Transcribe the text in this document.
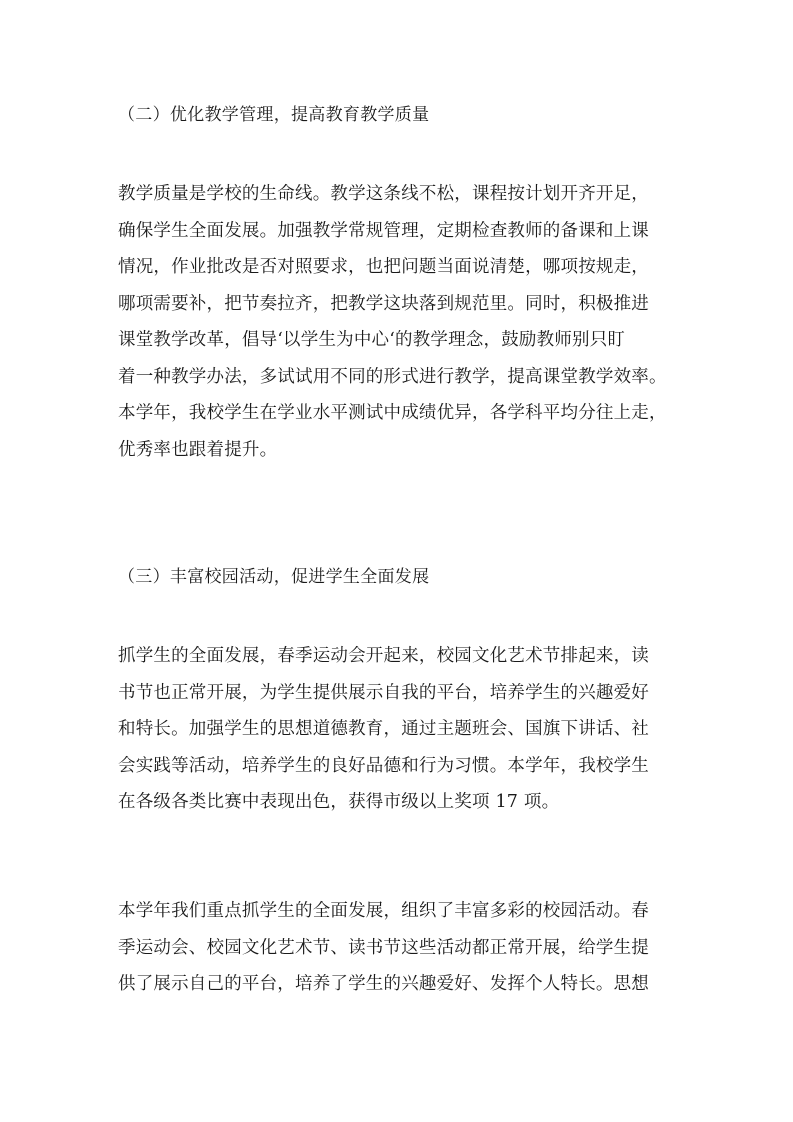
（二）优化教学管理，提高教育教学质量
教学质量是学校的生命线。教学这条线不松，课程按计划开齐开足，
确保学生全面发展。加强教学常规管理，定期检查教师的备课和上课
情况，作业批改是否对照要求，也把问题当面说清楚，哪项按规走，
哪项需要补，把节奏拉齐，把教学这块落到规范里。同时，积极推进
课堂教学改革，倡导‘以学生为中心‘的教学理念，鼓励教师别只盯
着一种教学办法，多试试用不同的形式进行教学，提高课堂教学效率。
本学年，我校学生在学业水平测试中成绩优异，各学科平均分往上走，
优秀率也跟着提升。
（三）丰富校园活动，促进学生全面发展
抓学生的全面发展，春季运动会开起来，校园文化艺术节排起来，读
书节也正常开展，为学生提供展示自我的平台，培养学生的兴趣爱好
和特长。加强学生的思想道德教育，通过主题班会、国旗下讲话、社
会实践等活动，培养学生的良好品德和行为习惯。本学年，我校学生
在各级各类比赛中表现出色，获得市级以上奖项 17 项。
本学年我们重点抓学生的全面发展，组织了丰富多彩的校园活动。春
季运动会、校园文化艺术节、读书节这些活动都正常开展，给学生提
供了展示自己的平台，培养了学生的兴趣爱好、发挥个人特长。思想
